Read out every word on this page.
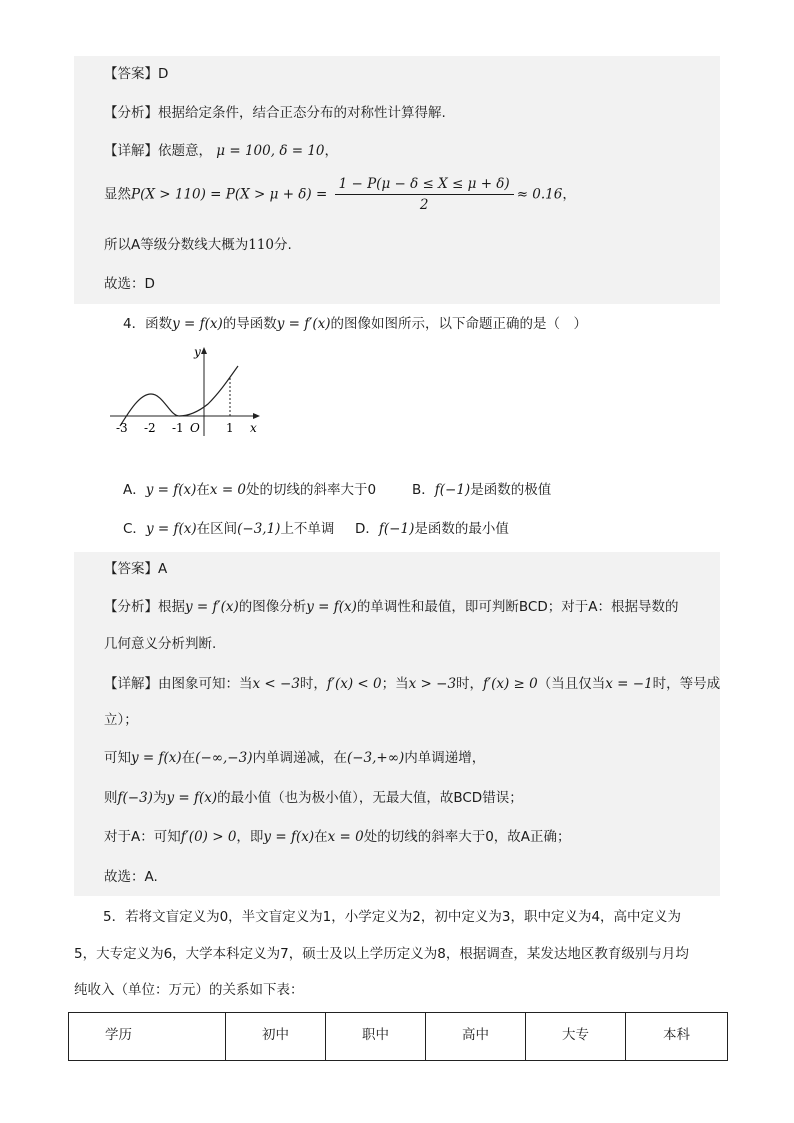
【答案】D
【分析】根据给定条件，结合正态分布的对称性计算得解.
【详解】依题意， μ = 100, δ = 10，
显然$P(X > 110) = P(X > \mu + \delta) = \frac{1 - P(\mu - \delta \le X \le \mu + \delta)}{2} \approx 0.16$，
所以A等级分数线大概为110分.
故选：D
4．函数y = f(x)的导函数y = f′(x)的图像如图所示，以下命题正确的是（　）
y
x
O
-3 -2 -1	1
A．y = f(x)在x = 0处的切线的斜率大于0	B．f(−1)是函数的极值
C．y = f(x)在区间(−3,1)上不单调 D．f(−1)是函数的最小值
【答案】A
【分析】根据y = f′(x)的图像分析y = f(x)的单调性和最值，即可判断BCD；对于A：根据导数的
几何意义分析判断.
【详解】由图象可知：当x < −3时，f′(x) < 0；当x > −3时，f′(x) ≥ 0（当且仅当x = −1时，等号成
立）；
可知y = f(x)在(−∞,−3)内单调递减，在(−3,+∞)内单调递增，
则f(−3)为y = f(x)的最小值（也为极小值），无最大值，故BCD错误；
对于A：可知f′(0) > 0，即y = f(x)在x = 0处的切线的斜率大于0，故A正确；
故选：A.
5．若将文盲定义为0，半文盲定义为1，小学定义为2，初中定义为3，职中定义为4，高中定义为
5，大专定义为6，大学本科定义为7，硕士及以上学历定义为8，根据调查，某发达地区教育级别与月均
纯收入（单位：万元）的关系如下表：
学历	初中	职中	高中	大专	本科
